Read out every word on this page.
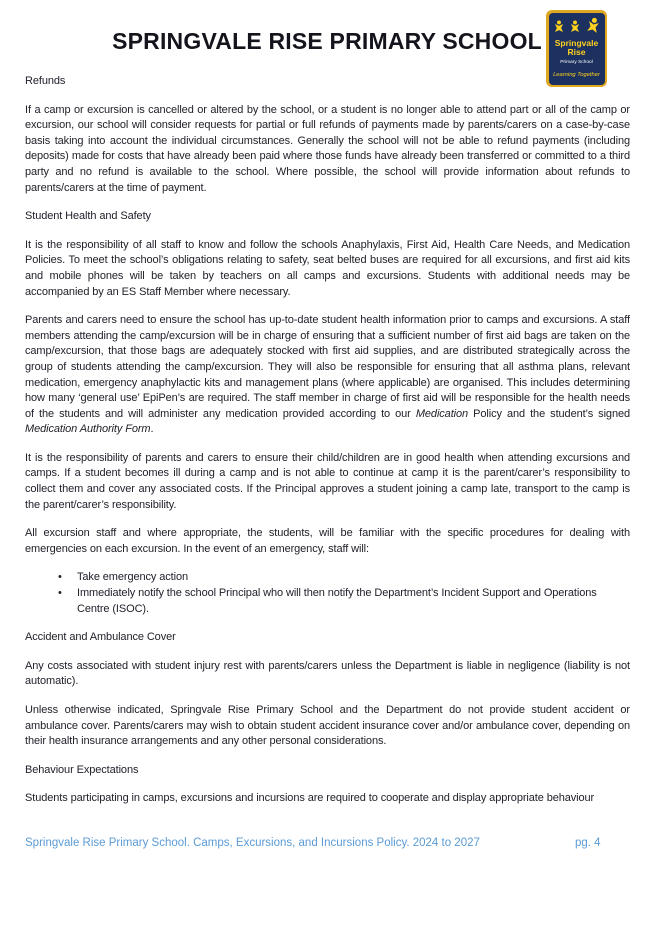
SPRINGVALE RISE PRIMARY SCHOOL	Springvale
Rise
Primary School
Learning Together
Refunds

If a camp or excursion is cancelled or altered by the school, or a student is no longer able to attend part or all of the camp or excursion, our school will consider requests for partial or full refunds of payments made by parents/carers on a case-by-case basis taking into account the individual circumstances. Generally the school will not be able to refund payments (including deposits) made for costs that have already been paid where those funds have already been transferred or committed to a third party and no refund is available to the school. Where possible, the school will provide information about refunds to parents/carers at the time of payment.

Student Health and Safety

It is the responsibility of all staff to know and follow the schools Anaphylaxis, First Aid, Health Care Needs, and Medication Policies. To meet the school’s obligations relating to safety, seat belted buses are required for all excursions, and first aid kits and mobile phones will be taken by teachers on all camps and excursions. Students with additional needs may be accompanied by an ES Staff Member where necessary.

Parents and carers need to ensure the school has up-to-date student health information prior to camps and excursions. A staff members attending the camp/excursion will be in charge of ensuring that a sufficient number of first aid bags are taken on the camp/excursion, that those bags are adequately stocked with first aid supplies, and are distributed strategically across the group of students attending the camp/excursion. They will also be responsible for ensuring that all asthma plans, relevant medication, emergency anaphylactic kits and management plans (where applicable) are organised. This includes determining how many ‘general use’ EpiPen’s are required. The staff member in charge of first aid will be responsible for the health needs of the students and will administer any medication provided according to our Medication Policy and the student’s signed Medication Authority Form.

It is the responsibility of parents and carers to ensure their child/children are in good health when attending excursions and camps. If a student becomes ill during a camp and is not able to continue at camp it is the parent/carer’s responsibility to collect them and cover any associated costs. If the Principal approves a student joining a camp late, transport to the camp is the parent/carer’s responsibility.

All excursion staff and where appropriate, the students, will be familiar with the specific procedures for dealing with emergencies on each excursion. In the event of an emergency, staff will:

• Take emergency action
• Immediately notify the school Principal who will then notify the Department’s Incident Support and Operations Centre (ISOC).
Accident and Ambulance Cover

Any costs associated with student injury rest with parents/carers unless the Department is liable in negligence (liability is not automatic).

Unless otherwise indicated, Springvale Rise Primary School and the Department do not provide student accident or ambulance cover. Parents/carers may wish to obtain student accident insurance cover and/or ambulance cover, depending on their health insurance arrangements and any other personal considerations.

Behaviour Expectations

Students participating in camps, excursions and incursions are required to cooperate and display appropriate behaviour

Springvale Rise Primary School. Camps, Excursions, and Incursions Policy. 2024 to 2027	pg. 4
